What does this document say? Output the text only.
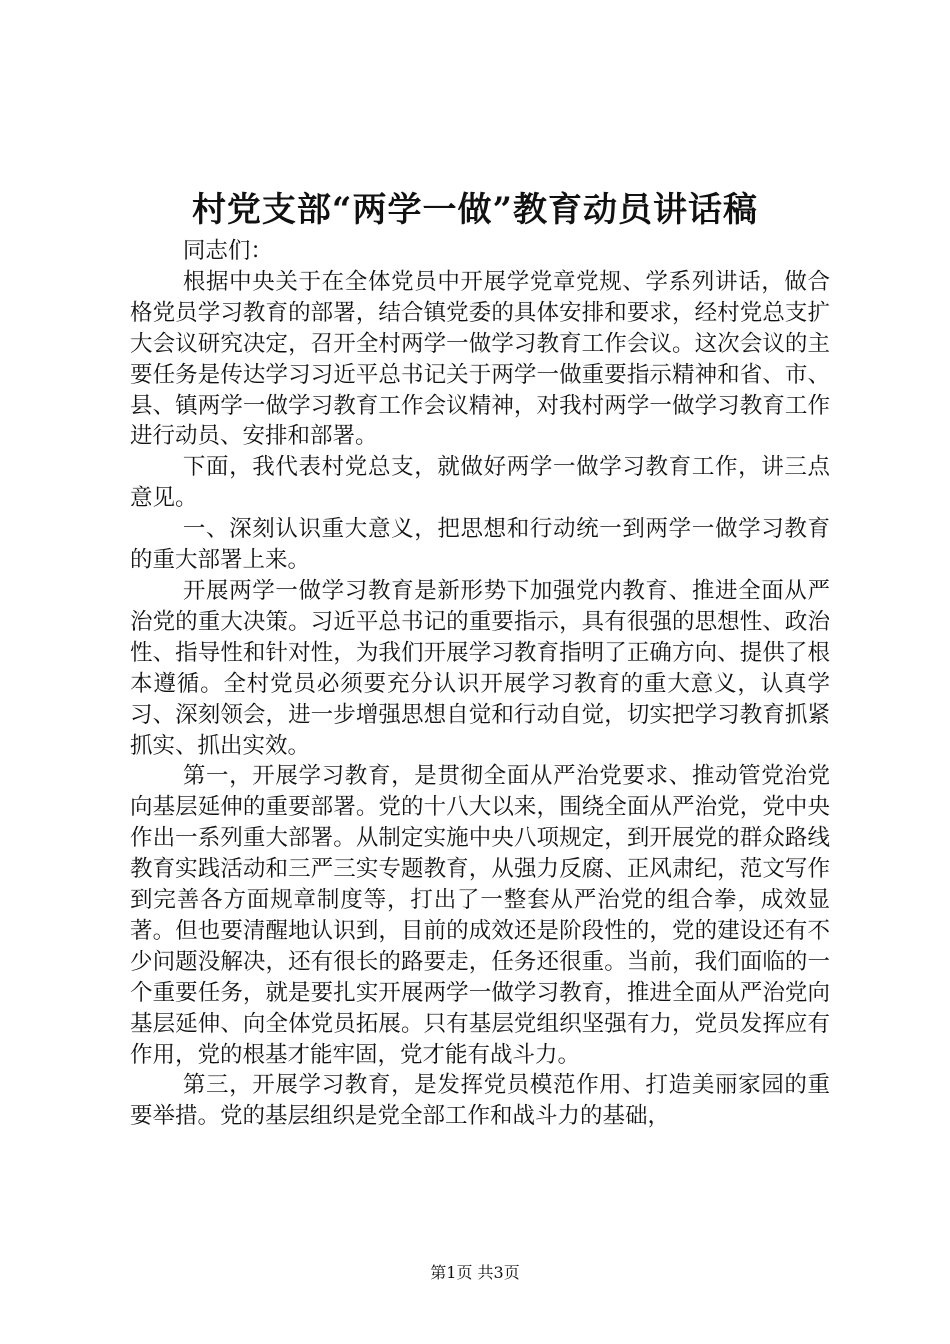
村党支部“两学一做”教育动员讲话稿

同志们：

根据中央关于在全体党员中开展学党章党规、学系列讲话，做合格党员学习教育的部署，结合镇党委的具体安排和要求，经村党总支扩大会议研究决定，召开全村两学一做学习教育工作会议。这次会议的主要任务是传达学习习近平总书记关于两学一做重要指示精神和省、市、县、镇两学一做学习教育工作会议精神，对我村两学一做学习教育工作进行动员、安排和部署。

下面，我代表村党总支，就做好两学一做学习教育工作，讲三点意见。

一、深刻认识重大意义，把思想和行动统一到两学一做学习教育的重大部署上来。

开展两学一做学习教育是新形势下加强党内教育、推进全面从严治党的重大决策。习近平总书记的重要指示，具有很强的思想性、政治性、指导性和针对性，为我们开展学习教育指明了正确方向、提供了根本遵循。全村党员必须要充分认识开展学习教育的重大意义，认真学习、深刻领会，进一步增强思想自觉和行动自觉，切实把学习教育抓紧抓实、抓出实效。

第一，开展学习教育，是贯彻全面从严治党要求、推动管党治党向基层延伸的重要部署。党的十八大以来，围绕全面从严治党，党中央作出一系列重大部署。从制定实施中央八项规定，到开展党的群众路线教育实践活动和三严三实专题教育，从强力反腐、正风肃纪，范文写作到完善各方面规章制度等，打出了一整套从严治党的组合拳，成效显著。但也要清醒地认识到，目前的成效还是阶段性的，党的建设还有不少问题没解决，还有很长的路要走，任务还很重。当前，我们面临的一个重要任务，就是要扎实开展两学一做学习教育，推进全面从严治党向基层延伸、向全体党员拓展。只有基层党组织坚强有力，党员发挥应有作用，党的根基才能牢固，党才能有战斗力。

第三，开展学习教育，是发挥党员模范作用、打造美丽家园的重要举措。党的基层组织是党全部工作和战斗力的基础，

第1页 共3页
